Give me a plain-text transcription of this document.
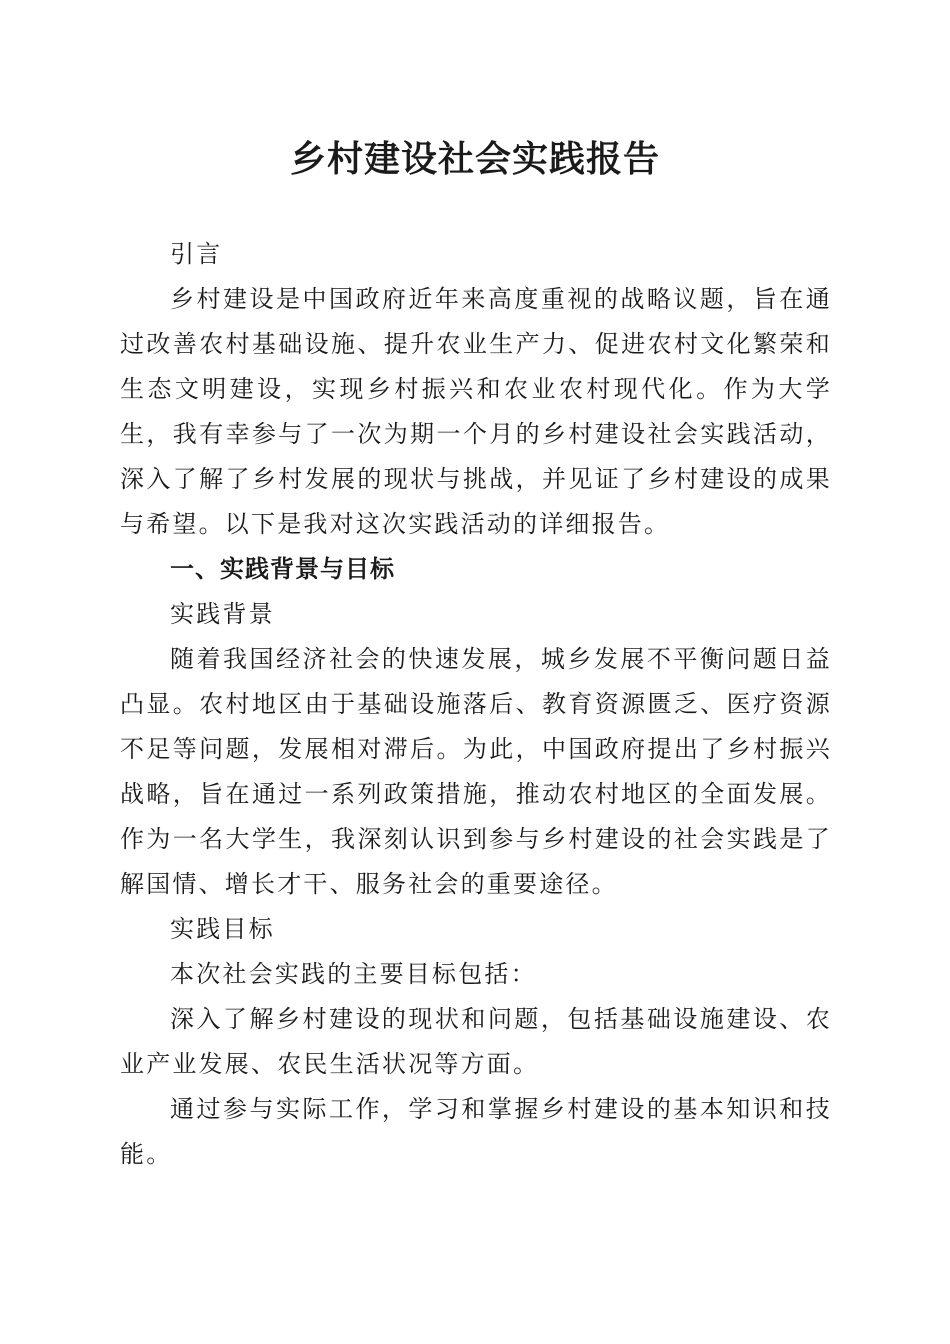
乡村建设社会实践报告

引言

乡村建设是中国政府近年来高度重视的战略议题，旨在通过改善农村基础设施、提升农业生产力、促进农村文化繁荣和生态文明建设，实现乡村振兴和农业农村现代化。作为大学生，我有幸参与了一次为期一个月的乡村建设社会实践活动，深入了解了乡村发展的现状与挑战，并见证了乡村建设的成果与希望。以下是我对这次实践活动的详细报告。

一、实践背景与目标

实践背景

随着我国经济社会的快速发展，城乡发展不平衡问题日益凸显。农村地区由于基础设施落后、教育资源匮乏、医疗资源不足等问题，发展相对滞后。为此，中国政府提出了乡村振兴战略，旨在通过一系列政策措施，推动农村地区的全面发展。作为一名大学生，我深刻认识到参与乡村建设的社会实践是了解国情、增长才干、服务社会的重要途径。

实践目标

本次社会实践的主要目标包括：

深入了解乡村建设的现状和问题，包括基础设施建设、农业产业发展、农民生活状况等方面。

通过参与实际工作，学习和掌握乡村建设的基本知识和技能。
